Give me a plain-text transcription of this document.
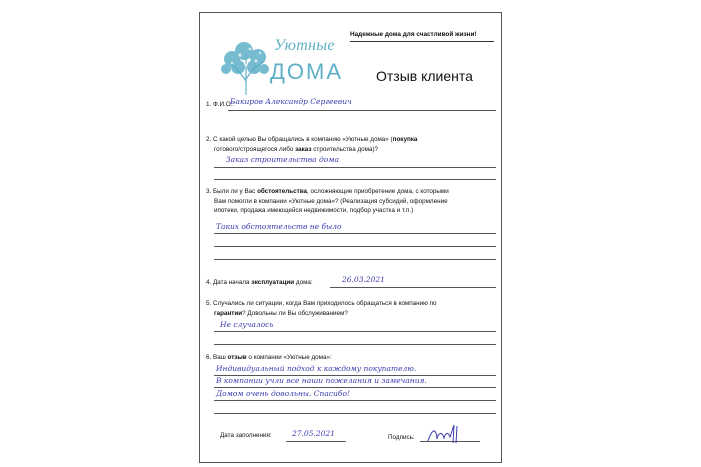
Надежные дома для счастливой жизни!
Уютные
ДОМА Отзыв клиента
1. Ф.И.О.:
Бакиров Александр Сергеевич
2. С какой целью Вы обращались в компанию «Уютные дома» (покупка
готового/строящегося либо заказ строительства дома)?
Заказ строительства дома
3. Были ли у Вас обстоятельства, осложняющие приобретение дома, с которыми
Вам помогли в компании «Уютные дома»? (Реализация субсидий, оформление
ипотеки, продажа имеющейся недвижимости, подбор участка и т.п.)
Таких обстоятельств не было
4. Дата начала эксплуатации дома:	26.03.2021
5. Случались ли ситуации, когда Вам приходилось обращаться в компанию по
гарантии? Довольны ли Вы обслуживанием?
Не случалось
6. Ваш отзыв о компании «Уютные дома»:
Индивидуальный подход к каждому покупателю.
В компании учли все наши пожелания и замечания.
Домом очень довольны. Спасибо!
Дата заполнения:	27.05.2021	Подпись:
